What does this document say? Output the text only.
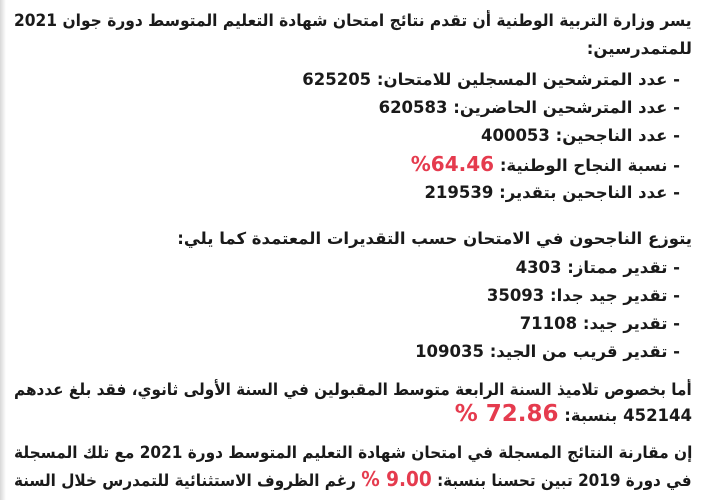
يسر وزارة التربية الوطنية أن تقدم نتائج امتحان شهادة التعليم المتوسط دورة جوان 2021
للمتمدرسين:
- عدد المترشحين المسجلين للامتحان: 625205
- عدد المترشحين الحاضرين: 620583
- عدد الناجحين: 400053
- نسبة النجاح الوطنية: %64.46
- عدد الناجحين بتقدير: 219539
يتوزع الناجحون في الامتحان حسب التقديرات المعتمدة كما يلي:
- تقدير ممتاز: 4303
- تقدير جيد جدا: 35093
- تقدير جيد: 71108
- تقدير قريب من الجيد: 109035
أما بخصوص تلاميذ السنة الرابعة متوسط المقبولين في السنة الأولى ثانوي، فقد بلغ عددهم
452144 بنسبة: % 72.86
إن مقارنة النتائج المسجلة في امتحان شهادة التعليم المتوسط دورة 2021 مع تلك المسجلة
في دورة 2019 تبين تحسنا بنسبة: % 9.00 رغم الظروف الاستثنائية للتمدرس خلال السنة
